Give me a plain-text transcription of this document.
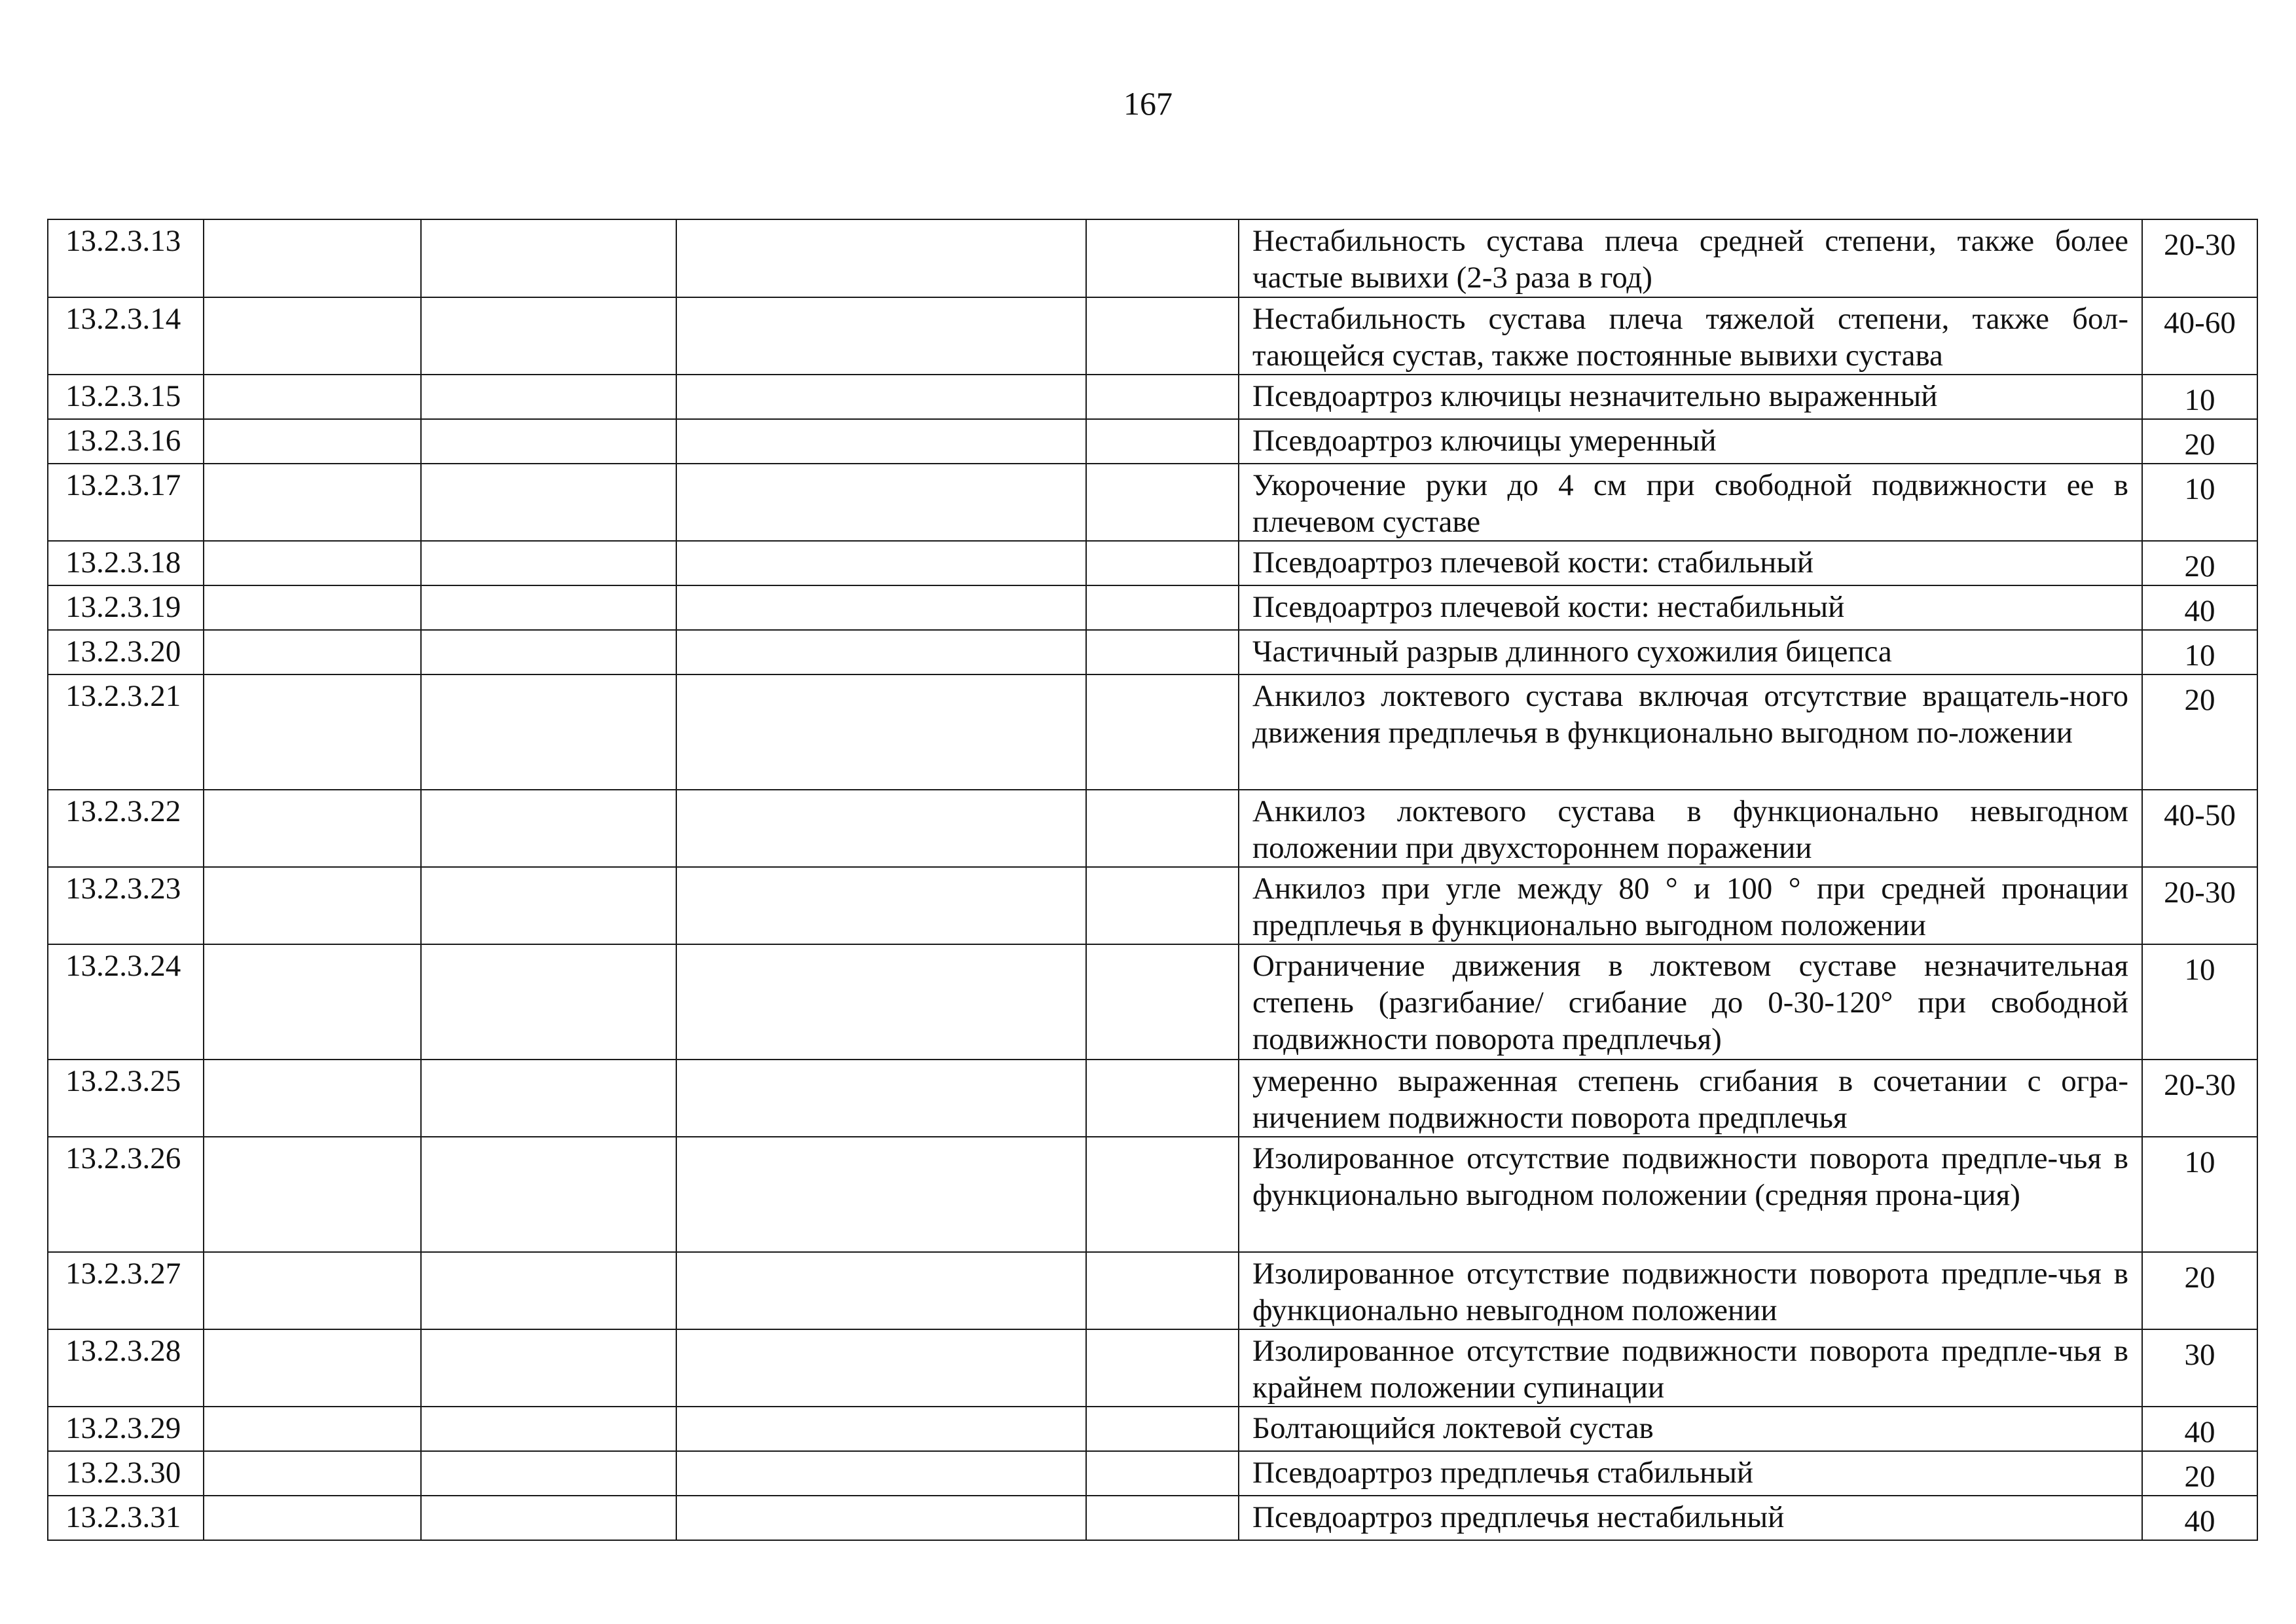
167
13.2.3.13					Нестабильность сустава плеча средней степени, также более частые вывихи (2-3 раза в год)	20-30
13.2.3.14					Нестабильность сустава плеча тяжелой степени, также бол-тающейся сустав, также постоянные вывихи сустава	40-60
13.2.3.15					Псевдоартроз ключицы незначительно выраженный	10
13.2.3.16					Псевдоартроз ключицы умеренный	20
13.2.3.17					Укорочение руки до 4 см при свободной подвижности ее в плечевом суставе	10
13.2.3.18					Псевдоартроз плечевой кости: стабильный	20
13.2.3.19					Псевдоартроз плечевой кости: нестабильный	40
13.2.3.20					Частичный разрыв длинного сухожилия бицепса	10
13.2.3.21					Анкилоз локтевого сустава включая отсутствие вращатель-ного движения предплечья в функционально выгодном по-ложении	20
13.2.3.22					Анкилоз локтевого сустава в функционально невыгодном положении при двухстороннем поражении	40-50
13.2.3.23					Анкилоз при угле между 80 ° и 100 ° при средней пронации предплечья в функционально выгодном положении	20-30
13.2.3.24					Ограничение движения в локтевом суставе незначительная степень (разгибание/ сгибание до 0-30-120° при свободной подвижности поворота предплечья)	10
13.2.3.25					умеренно выраженная степень сгибания в сочетании с огра-ничением подвижности поворота предплечья	20-30
13.2.3.26					Изолированное отсутствие подвижности поворота предпле-чья в функционально выгодном положении (средняя прона-ция)	10
13.2.3.27					Изолированное отсутствие подвижности поворота предпле-чья в функционально невыгодном положении	20
13.2.3.28					Изолированное отсутствие подвижности поворота предпле-чья в крайнем положении супинации	30
13.2.3.29					Болтающийся локтевой сустав	40
13.2.3.30					Псевдоартроз предплечья стабильный	20
13.2.3.31					Псевдоартроз предплечья нестабильный	40
